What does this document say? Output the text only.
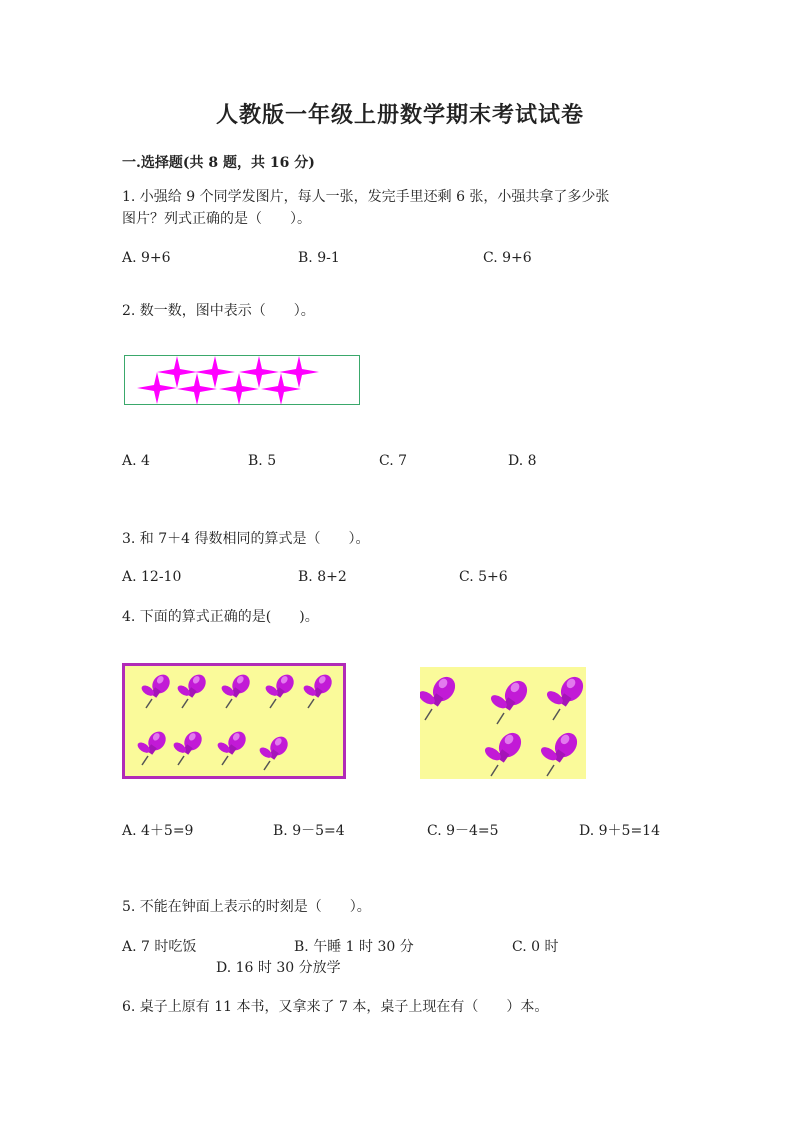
人教版一年级上册数学期末考试试卷
一.选择题(共 8 题，共 16 分)
1. 小强给 9 个同学发图片，每人一张，发完手里还剩 6 张，小强共拿了多少张
图片？列式正确的是（　　）。
A. 9+6	B. 9-1	C. 9+6
2. 数一数，图中表示（　　）。
A. 4	B. 5	C. 7	D. 8
3. 和 7＋4 得数相同的算式是（　　）。
A. 12-10	B. 8+2	C. 5+6
4. 下面的算式正确的是(　　)。
A. 4＋5=9	B. 9－5=4	C. 9－4=5	D. 9＋5=14
5. 不能在钟面上表示的时刻是（　　）。
A. 7 时吃饭	B. 午睡 1 时 30 分	C. 0 时
D. 16 时 30 分放学
6. 桌子上原有 11 本书，又拿来了 7 本，桌子上现在有（　　）本。
